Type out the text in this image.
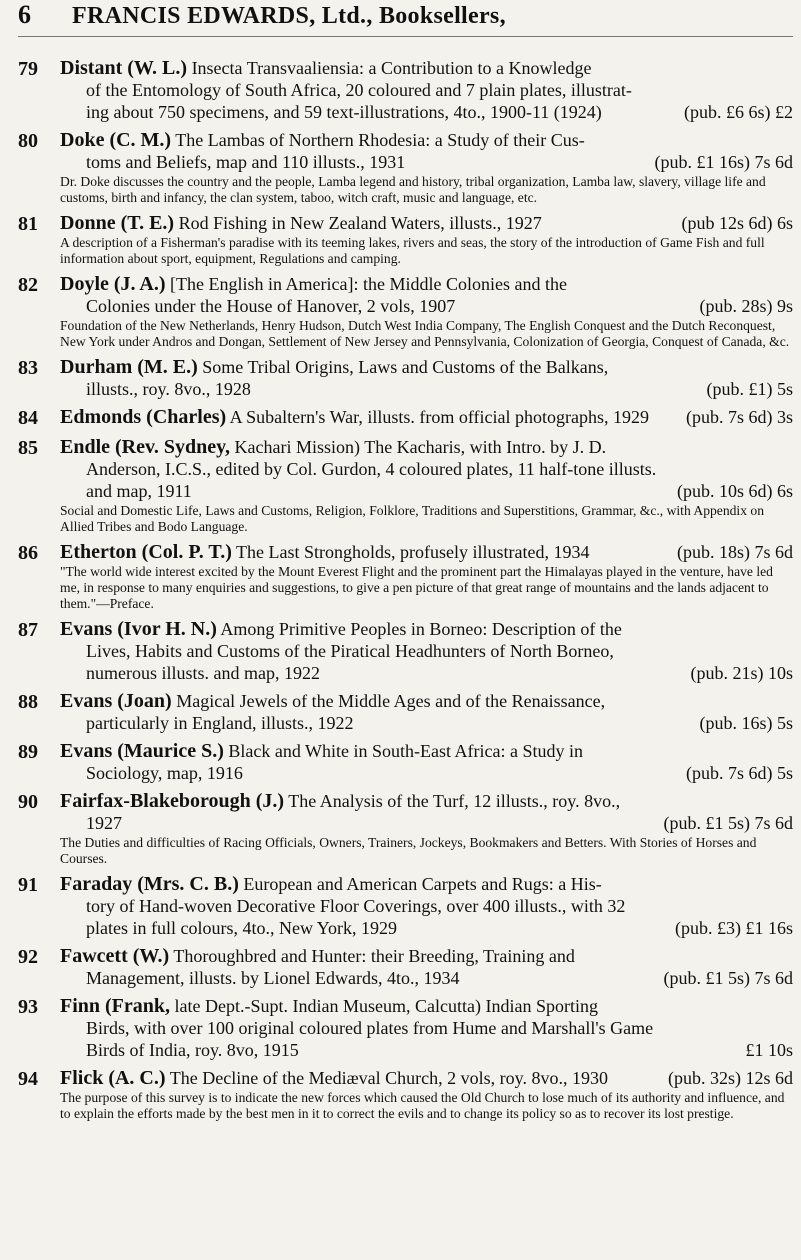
6	FRANCIS EDWARDS, Ltd., Booksellers,
79	Distant (W. L.) Insecta Transvaaliensia: a Contribution to a Knowledge
of the Entomology of South Africa, 20 coloured and 7 plain plates, illustrat-
ing about 750 specimens, and 59 text-illustrations, 4to., 1900-11 (1924)	(pub. £6 6s) £2
80	Doke (C. M.) The Lambas of Northern Rhodesia: a Study of their Cus-
toms and Beliefs, map and 110 illusts., 1931	(pub. £1 16s) 7s 6d
Dr. Doke discusses the country and the people, Lamba legend and history, tribal organization, Lamba law, slavery, village life and customs, birth and infancy, the clan system, taboo, witch craft, music and language, etc.
81	Donne (T. E.) Rod Fishing in New Zealand Waters, illusts., 1927	(pub 12s 6d) 6s
A description of a Fisherman's paradise with its teeming lakes, rivers and seas, the story of the introduction of Game Fish and full information about sport, equipment, Regulations and camping.
82	Doyle (J. A.) [The English in America]: the Middle Colonies and the
Colonies under the House of Hanover, 2 vols, 1907	(pub. 28s) 9s
Foundation of the New Netherlands, Henry Hudson, Dutch West India Company, The English Conquest and the Dutch Reconquest, New York under Andros and Dongan, Settlement of New Jersey and Pennsylvania, Colonization of Georgia, Conquest of Canada, &c.
83	Durham (M. E.) Some Tribal Origins, Laws and Customs of the Balkans,
illusts., roy. 8vo., 1928	(pub. £1) 5s
84	Edmonds (Charles) A Subaltern's War, illusts. from official photographs, 1929	(pub. 7s 6d) 3s
85	Endle (Rev. Sydney, Kachari Mission) The Kacharis, with Intro. by J. D.
Anderson, I.C.S., edited by Col. Gurdon, 4 coloured plates, 11 half-tone illusts.
and map, 1911	(pub. 10s 6d) 6s
Social and Domestic Life, Laws and Customs, Religion, Folklore, Traditions and Superstitions, Grammar, &c., with Appendix on Allied Tribes and Bodo Language.
86	Etherton (Col. P. T.) The Last Strongholds, profusely illustrated, 1934	(pub. 18s) 7s 6d
"The world wide interest excited by the Mount Everest Flight and the prominent part the Himalayas played in the venture, have led me, in response to many enquiries and suggestions, to give a pen picture of that great range of mountains and the lands adjacent to them."—Preface.
87	Evans (Ivor H. N.) Among Primitive Peoples in Borneo: Description of the
Lives, Habits and Customs of the Piratical Headhunters of North Borneo,
numerous illusts. and map, 1922	(pub. 21s) 10s
88	Evans (Joan) Magical Jewels of the Middle Ages and of the Renaissance,
particularly in England, illusts., 1922	(pub. 16s) 5s
89	Evans (Maurice S.) Black and White in South-East Africa: a Study in
Sociology, map, 1916	(pub. 7s 6d) 5s
90	Fairfax-Blakeborough (J.) The Analysis of the Turf, 12 illusts., roy. 8vo.,
1927	(pub. £1 5s) 7s 6d
The Duties and difficulties of Racing Officials, Owners, Trainers, Jockeys, Bookmakers and Betters. With Stories of Horses and Courses.
91	Faraday (Mrs. C. B.) European and American Carpets and Rugs: a His-
tory of Hand-woven Decorative Floor Coverings, over 400 illusts., with 32
plates in full colours, 4to., New York, 1929	(pub. £3) £1 16s
92	Fawcett (W.) Thoroughbred and Hunter: their Breeding, Training and
Management, illusts. by Lionel Edwards, 4to., 1934	(pub. £1 5s) 7s 6d
93	Finn (Frank, late Dept.-Supt. Indian Museum, Calcutta) Indian Sporting
Birds, with over 100 original coloured plates from Hume and Marshall's Game
Birds of India, roy. 8vo, 1915	£1 10s
94	Flick (A. C.) The Decline of the Mediæval Church, 2 vols, roy. 8vo., 1930	(pub. 32s) 12s 6d
The purpose of this survey is to indicate the new forces which caused the Old Church to lose much of its authority and influence, and to explain the efforts made by the best men in it to correct the evils and to change its policy so as to recover its lost prestige.
